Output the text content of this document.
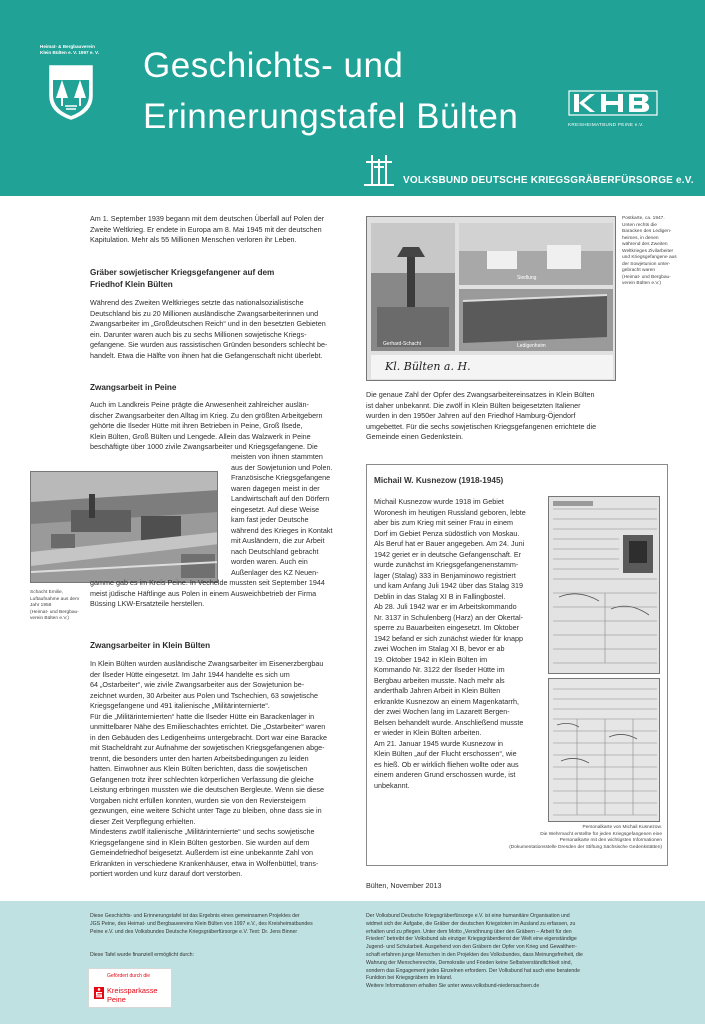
Heimat- & Bergbauverein
Klein Bülten e. V. 1997 e. V.	Geschichts- und
Erinnerungstafel Bülten	KREISHEIMATBUND PEINE e.V.
VOLKSBUND DEUTSCHE KRIEGSGRÄBERFÜRSORGE e.V.
Am 1. September 1939 begann mit dem deutschen Überfall auf Polen der
Zweite Weltkrieg. Er endete in Europa am 8. Mai 1945 mit der deutschen
Kapitulation. Mehr als 55 Millionen Menschen verloren ihr Leben.
Gräber sowjetischer Kriegsgefangener auf dem
Friedhof Klein Bülten
Während des Zweiten Weltkrieges setzte das nationalsozialistische
Deutschland bis zu 20 Millionen ausländische Zwangsarbeiterinnen und
Zwangsarbeiter im „Großdeutschen Reich“ und in den besetzten Gebieten
ein. Darunter waren auch bis zu sechs Millionen sowjetische Kriegs-
gefangene. Sie wurden aus rassistischen Gründen besonders schlecht be-
handelt. Etwa die Hälfte von ihnen hat die Gefangenschaft nicht überlebt.
Zwangsarbeit in Peine
Auch im Landkreis Peine prägte die Anwesenheit zahlreicher auslän-
discher Zwangsarbeiter den Alltag im Krieg. Zu den größten Arbeitgebern
gehörte die Ilseder Hütte mit ihren Betrieben in Peine, Groß Ilsede,
Klein Bülten, Groß Bülten und Lengede. Allein das Walzwerk in Peine
beschäftigte über 1000 zivile Zwangsarbeiter und Kriegsgefangene. Die
Schacht Emilie,
Luftaufnahme aus dem
Jahr 1958
(Heimat- und Bergbau-
verein Bülten e.V.)
meisten von ihnen stammten
aus der Sowjetunion und Polen.
Französische Kriegsgefangene
waren dagegen meist in der
Landwirtschaft auf den Dörfern
eingesetzt. Auf diese Weise
kam fast jeder Deutsche
während des Krieges in Kontakt
mit Ausländern, die zur Arbeit
nach Deutschland gebracht
worden waren. Auch ein
Außenlager des KZ Neuen-
gamme gab es im Kreis Peine. In Vechelde mussten seit September 1944
meist jüdische Häftlinge aus Polen in einem Ausweichbetrieb der Firma
Büssing LKW-Ersatzteile herstellen.
Zwangsarbeiter in Klein Bülten
In Klein Bülten wurden ausländische Zwangsarbeiter im Eisenerzbergbau
der Ilseder Hütte eingesetzt. Im Jahr 1944 handelte es sich um
64 „Ostarbeiter“, wie zivile Zwangsarbeiter aus der Sowjetunion be-
zeichnet wurden, 30 Arbeiter aus Polen und Tschechien, 63 sowjetische
Kriegsgefangene und 491 italienische „Militärinternierte“.
Für die „Militärinternierten“ hatte die Ilseder Hütte ein Barackenlager in
unmittelbarer Nähe des Emilieschachtes errichtet. Die „Ostarbeiter“ waren
in den Gebäuden des Ledigenheims untergebracht. Dort war eine Baracke
mit Stacheldraht zur Aufnahme der sowjetischen Kriegsgefangenen abge-
trennt, die besonders unter den harten Arbeitsbedingungen zu leiden
hatten. Einwohner aus Klein Bülten berichten, dass die sowjetischen
Gefangenen trotz ihrer schlechten körperlichen Verfassung die gleiche
Leistung erbringen mussten wie die deutschen Bergleute. Wenn sie diese
Vorgaben nicht erfüllen konnten, wurden sie von den Reviersteigern
gezwungen, eine weitere Schicht unter Tage zu bleiben, ohne dass sie in
dieser Zeit Verpflegung erhielten.
Mindestens zwölf italienische „Militärinternierte“ und sechs sowjetische
Kriegsgefangene sind in Klein Bülten gestorben. Sie wurden auf dem
Gemeindefriedhof beigesetzt. Außerdem ist eine unbekannte Zahl von
Erkrankten in verschiedene Krankenhäuser, etwa in Wolfenbüttel, trans-
portiert worden und kurz darauf dort verstorben.
Siedlung
Gerhard-Schacht	Ledigenheim
Kl. Bülten a. H.
Postkarte, ca. 1947.
Unten rechts die
Baracken des Ledigen-
heimes, in denen
während des Zweiten
Weltkrieges Zivilarbeiter
und Kriegsgefangene aus
der Sowjetunion unter-
gebracht waren
(Heimat- und Bergbau-
verein Bülten e.V.)
Die genaue Zahl der Opfer des Zwangsarbeitereinsatzes in Klein Bülten
ist daher unbekannt. Die zwölf in Klein Bülten beigesetzten Italiener
wurden in den 1950er Jahren auf den Friedhof Hamburg-Öjendorf
umgebettet. Für die sechs sowjetischen Kriegsgefangenen errichtete die
Gemeinde einen Gedenkstein.
Michail W. Kusnezow (1918-1945)
Michail Kusnezow wurde 1918 im Gebiet
Woronesh im heutigen Russland geboren, lebte
aber bis zum Krieg mit seiner Frau in einem
Dorf im Gebiet Penza südöstlich von Moskau.
Als Beruf hat er Bauer angegeben. Am 24. Juni
1942 geriet er in deutsche Gefangenschaft. Er
wurde zunächst im Kriegsgefangenenstamm-
lager (Stalag) 333 in Benjaminowo registriert
und kam Anfang Juli 1942 über das Stalag 319
Deblin in das Stalag XI B in Fallingbostel.
Ab 28. Juli 1942 war er im Arbeitskommando
Nr. 3137 in Schulenberg (Harz) an der Okertal-
sperre zu Bauarbeiten eingesetzt. Im Oktober
1942 befand er sich zunächst wieder für knapp
zwei Wochen im Stalag XI B, bevor er ab
19. Oktober 1942 in Klein Bülten im
Kommando Nr. 3122 der Ilseder Hütte im
Bergbau arbeiten musste. Nach mehr als
anderthalb Jahren Arbeit in Klein Bülten
erkrankte Kusnezow an einem Magenkatarrh,
der zwei Wochen lang im Lazarett Bergen-
Belsen behandelt wurde. Anschließend musste
er wieder in Klein Bülten arbeiten.
Am 21. Januar 1945 wurde Kusnezow in
Klein Bülten „auf der Flucht erschossen“, wie
es hieß. Ob er wirklich fliehen wollte oder aus
einem anderen Grund erschossen wurde, ist
unbekannt.
Personalkarte von Michail Kusnezow.
Die Wehrmacht erstellte für jeden Kriegsgefangenen eine
Personalkarte mit den wichtigsten Informationen
(Dokumentationsstelle Dresden der Stiftung Sächsische Gedenkstätten)
Bülten, November 2013
Diese Geschichts- und Erinnerungstafel ist das Ergebnis eines gemeinsamen Projektes der
JGS Peine, des Heimat- und Bergbauvereins Klein Bülten von 1997 e.V., des Kreisheimatbundes
Peine e.V. und des Volksbundes Deutsche Kriegsgräberfürsorge e.V. Text: Dr. Jens Binner
Diese Tafel wurde finanziell ermöglicht durch:
Gefördert durch die
Kreissparkasse
Peine
Der Volksbund Deutsche Kriegsgräberfürsorge e.V. ist eine humanitäre Organisation und
widmet sich der Aufgabe, die Gräber der deutschen Kriegstoten im Ausland zu erfassen, zu
erhalten und zu pflegen. Unter dem Motto „Versöhnung über den Gräbern – Arbeit für den
Frieden“ betreibt der Volksbund als einziger Kriegsgräberdienst der Welt eine eigenständige
Jugend- und Schularbeit. Ausgehend von den Gräbern der Opfer von Krieg und Gewaltherr-
schaft erfahren junge Menschen in den Projekten des Volksbundes, dass Meinungsfreiheit, die
Wahrung der Menschenrechte, Demokratie und Frieden keine Selbstverständlichkeit sind,
sondern das Engagement jedes Einzelnen erfordern. Der Volksbund hat auch eine beratende
Funktion bei Kriegsgräbern im Inland.
Weitere Informationen erhalten Sie unter www.volksbund-niedersachsen.de
